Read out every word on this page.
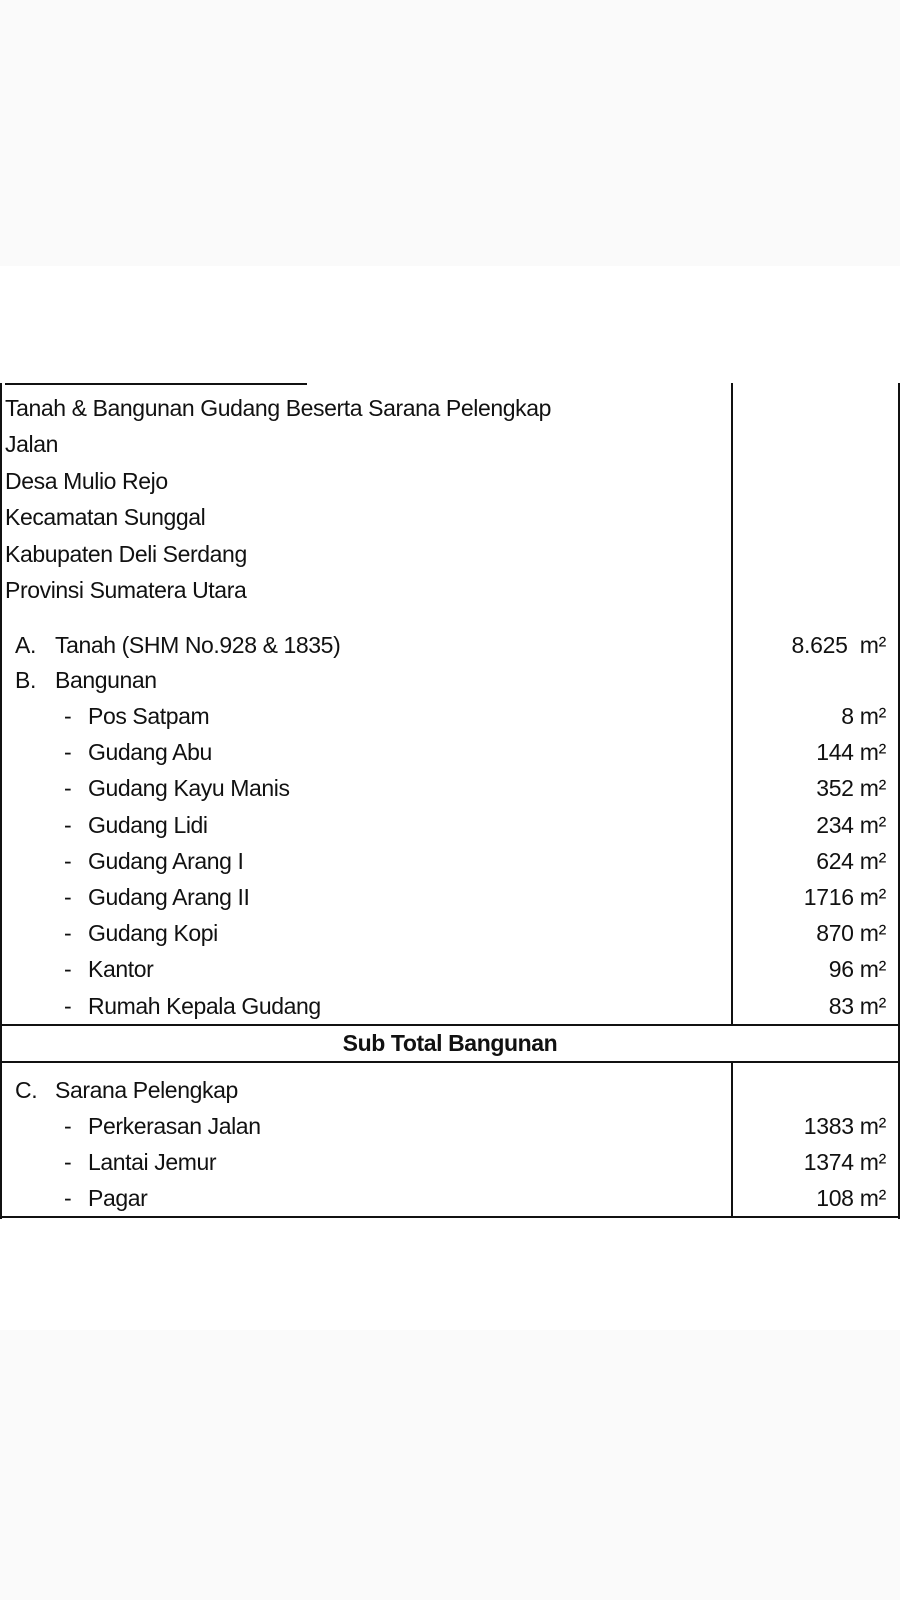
Tanah & Bangunan Gudang Beserta Sarana Pelengkap
Jalan
Desa Mulio Rejo
Kecamatan Sunggal
Kabupaten Deli Serdang
Provinsi Sumatera Utara
A. Tanah (SHM No.928 & 1835)	8.625  m²
B. Bangunan
- Pos Satpam	8 m²
- Gudang Abu	144 m²
- Gudang Kayu Manis	352 m²
- Gudang Lidi	234 m²
- Gudang Arang I	624 m²
- Gudang Arang II	1716 m²
- Gudang Kopi	870 m²
- Kantor	96 m²
- Rumah Kepala Gudang	83 m²
Sub Total Bangunan
C. Sarana Pelengkap
- Perkerasan Jalan	1383 m²
- Lantai Jemur	1374 m²
- Pagar	108 m²
